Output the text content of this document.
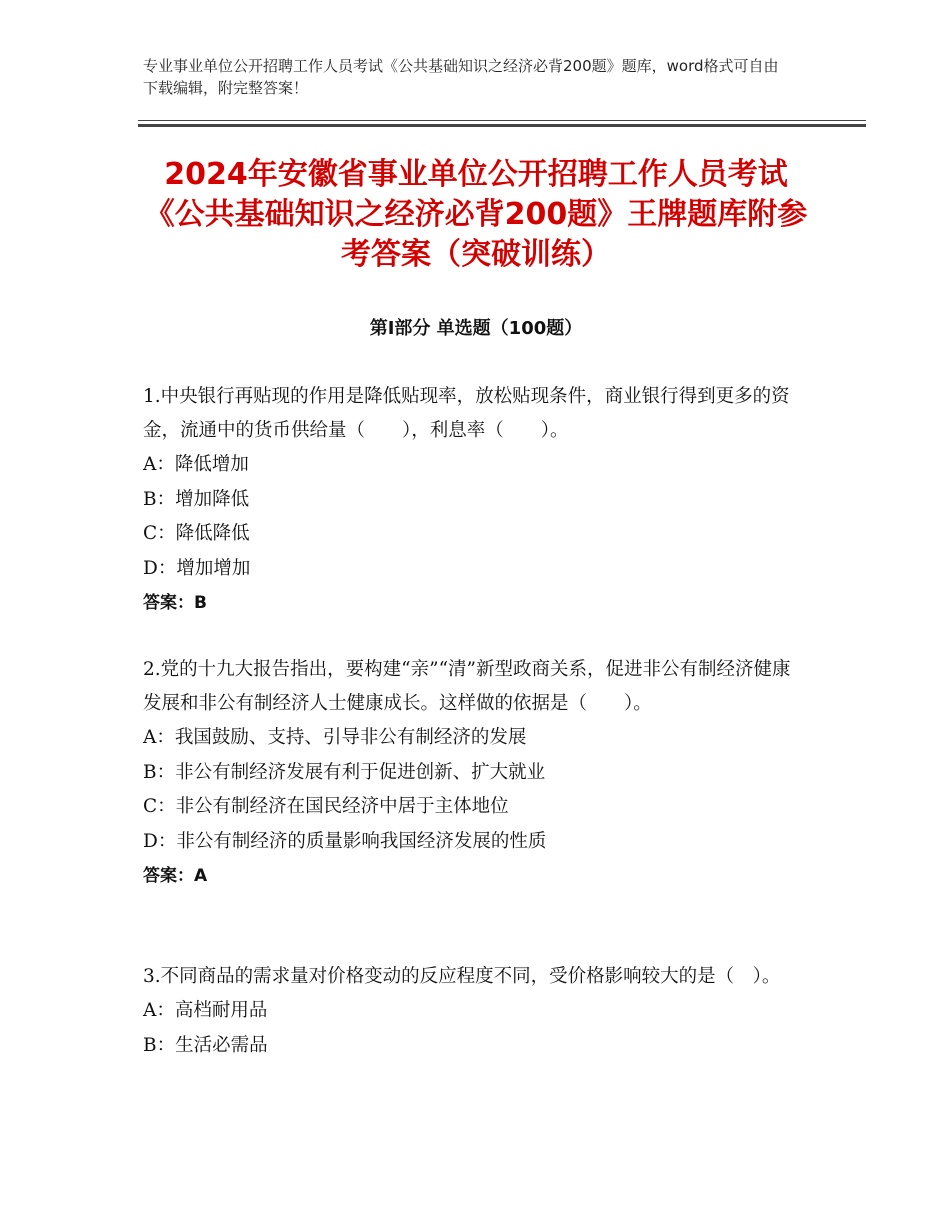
专业事业单位公开招聘工作人员考试《公共基础知识之经济必背200题》题库，word格式可自由下载编辑，附完整答案！
2024年安徽省事业单位公开招聘工作人员考试《公共基础知识之经济必背200题》王牌题库附参考答案（突破训练）
第Ⅰ部分 单选题（100题）
1.中央银行再贴现的作用是降低贴现率，放松贴现条件，商业银行得到更多的资金，流通中的货币供给量（　　），利息率（　　）。
A：降低增加
B：增加降低
C：降低降低
D：增加增加
答案：B
2.党的十九大报告指出，要构建“亲”“清”新型政商关系，促进非公有制经济健康发展和非公有制经济人士健康成长。这样做的依据是（　　）。
A：我国鼓励、支持、引导非公有制经济的发展
B：非公有制经济发展有利于促进创新、扩大就业
C：非公有制经济在国民经济中居于主体地位
D：非公有制经济的质量影响我国经济发展的性质
答案：A
3.不同商品的需求量对价格变动的反应程度不同，受价格影响较大的是（　）。
A：高档耐用品
B：生活必需品
